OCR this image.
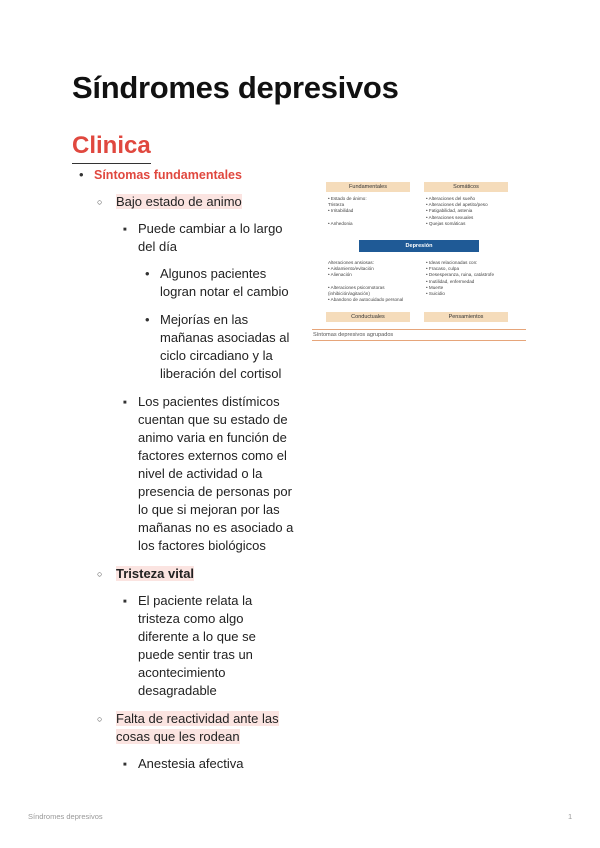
Síndromes depresivos
Clinica
• Síntomas fundamentales
○ Bajo estado de animo
■ Puede cambiar a lo largo del día
• Algunos pacientes logran notar el cambio
• Mejorías en las mañanas asociadas al ciclo circadiano y la liberación del cortisol
■ Los pacientes distímicos cuentan que su estado de animo varia en función de factores externos como el nivel de actividad o la presencia de personas por lo que si mejoran por las mañanas no es asociado a los factores biológicos
○ Tristeza vital
■ El paciente relata la tristeza como algo diferente a lo que se puede sentir tras un acontecimiento desagradable
○ Falta de reactividad ante las cosas que les rodean
■ Anestesia afectiva
Fundamentales	Somáticos
• Estado de ánimo:
Tristeza
• Irritabilidad

• Anhedonia
• Alteraciones del sueño
• Alteraciones del apetito/peso
• Fatigabilidad, astenia
• Alteraciones sexuales
• Quejas somáticas
Depresión
Alteraciones ansiosas:
• Aislamiento/evitación
• Alienación

• Alteraciones psicomotoras
(inhibición/agitación)
• Abandono de autocuidado personal
• Ideas relacionadas con:
• Fracaso, culpa
• Desesperanza, ruina, catástrofe
• Inutilidad, enfermedad
• Muerte
• Suicidio
Conductuales	Pensamientos
Síntomas depresivos agrupados
Síndromes depresivos	1
